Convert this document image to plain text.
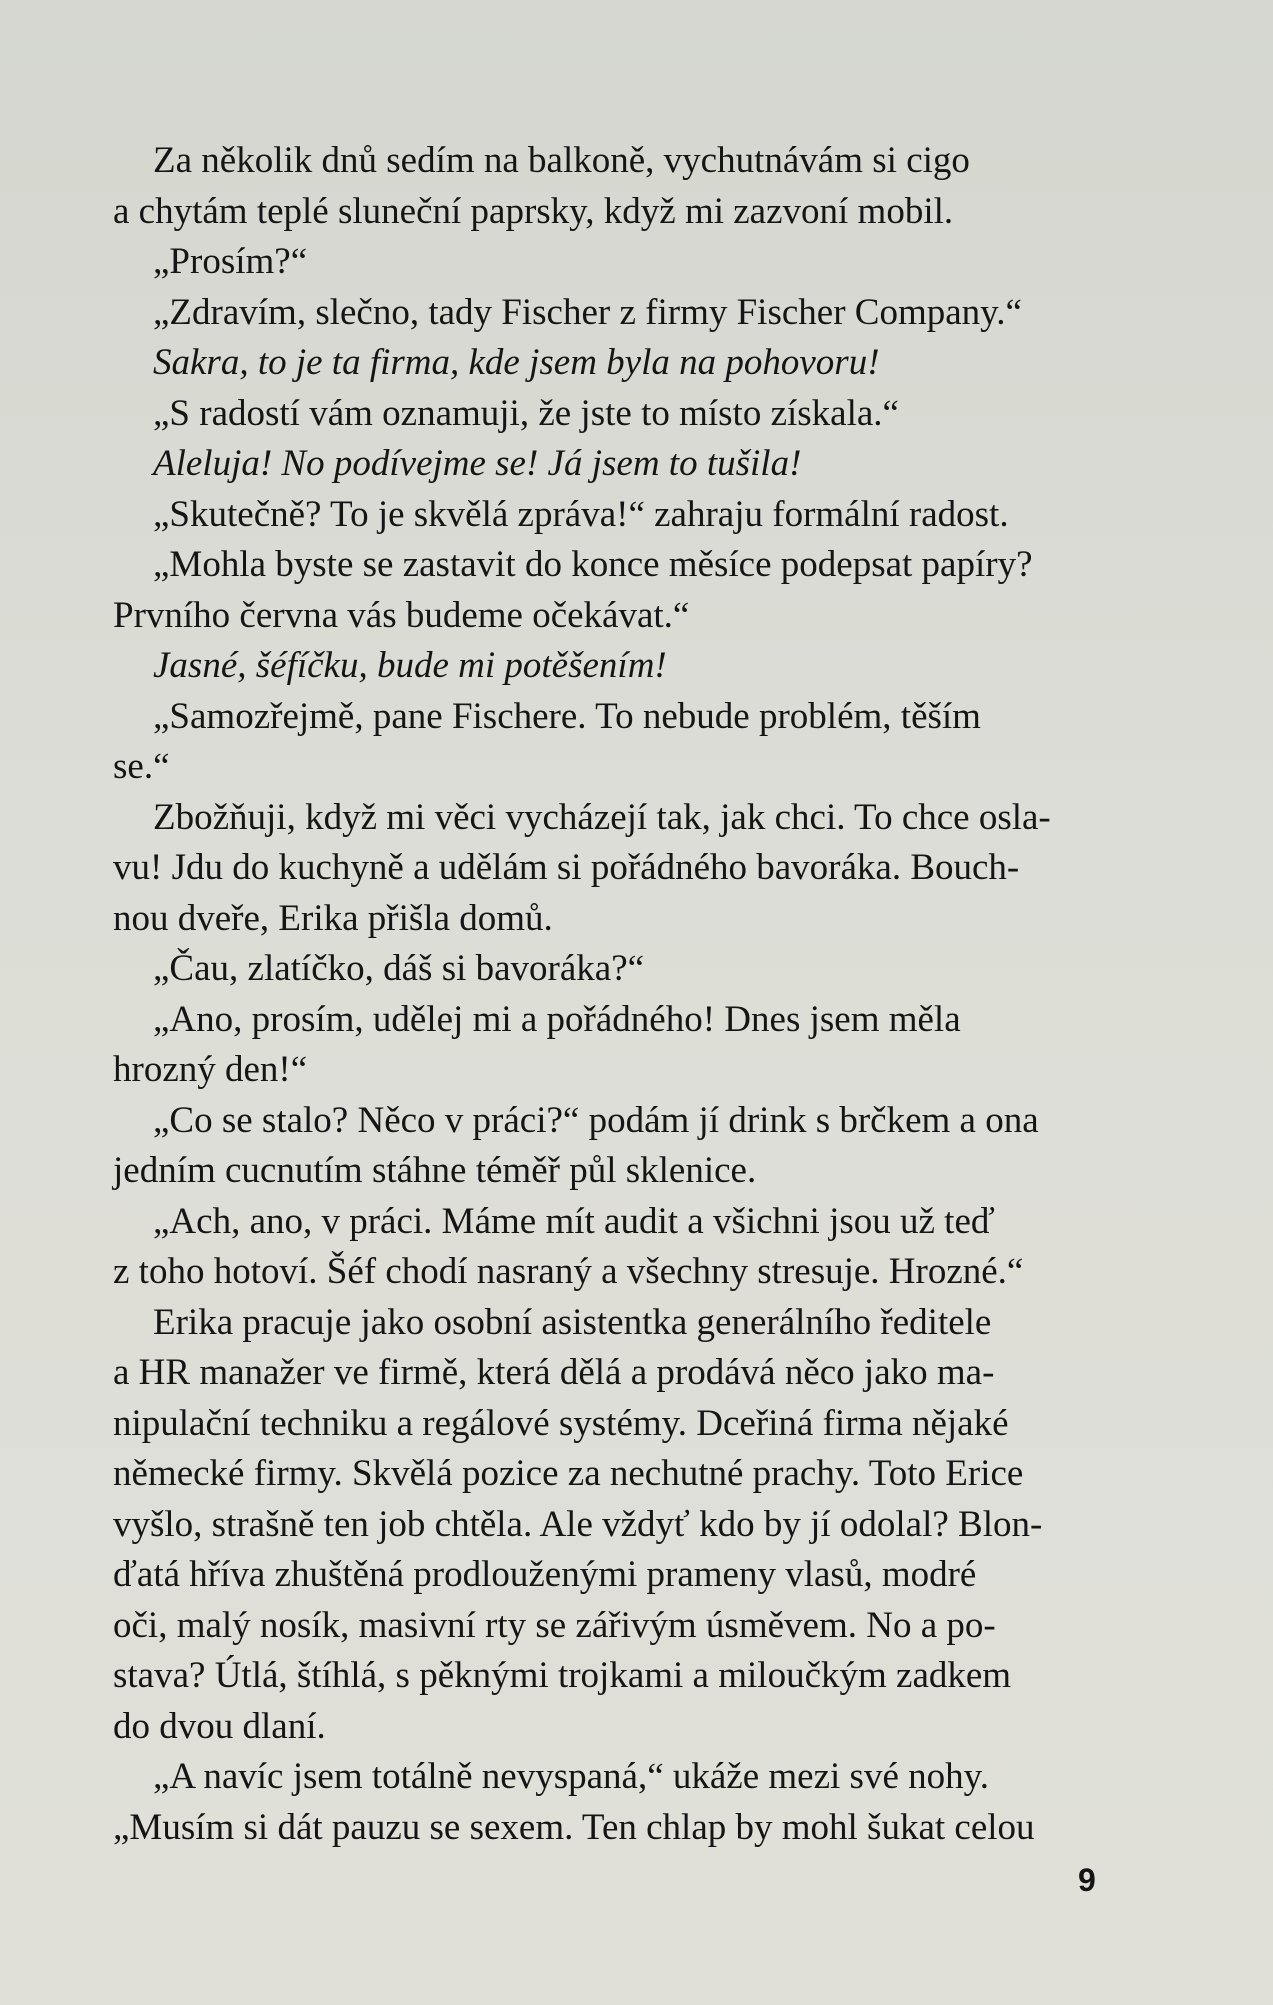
Za několik dnů sedím na balkoně, vychutnávám si cigo
a chytám teplé sluneční paprsky, když mi zazvoní mobil.

„Prosím?“

„Zdravím, slečno, tady Fischer z firmy Fischer Company.“

Sakra, to je ta firma, kde jsem byla na pohovoru!

„S radostí vám oznamuji, že jste to místo získala.“

Aleluja! No podívejme se! Já jsem to tušila!

„Skutečně? To je skvělá zpráva!“ zahraju formální radost.

„Mohla byste se zastavit do konce měsíce podepsat papíry?
Prvního června vás budeme očekávat.“

Jasné, šéfíčku, bude mi potěšením!

„Samozřejmě, pane Fischere. To nebude problém, těším
se.“

Zbožňuji, když mi věci vycházejí tak, jak chci. To chce osla-
vu! Jdu do kuchyně a udělám si pořádného bavoráka. Bouch-
nou dveře, Erika přišla domů.

„Čau, zlatíčko, dáš si bavoráka?“

„Ano, prosím, udělej mi a pořádného! Dnes jsem měla
hrozný den!“

„Co se stalo? Něco v práci?“ podám jí drink s brčkem a ona
jedním cucnutím stáhne téměř půl sklenice.

„Ach, ano, v práci. Máme mít audit a všichni jsou už teď
z toho hotoví. Šéf chodí nasraný a všechny stresuje. Hrozné.“

Erika pracuje jako osobní asistentka generálního ředitele
a HR manažer ve firmě, která dělá a prodává něco jako ma-
nipulační techniku a regálové systémy. Dceřiná firma nějaké
německé firmy. Skvělá pozice za nechutné prachy. Toto Erice
vyšlo, strašně ten job chtěla. Ale vždyť kdo by jí odolal? Blon-
ďatá hříva zhuštěná prodlouženými prameny vlasů, modré
oči, malý nosík, masivní rty se zářivým úsměvem. No a po-
stava? Útlá, štíhlá, s pěknými trojkami a miloučkým zadkem
do dvou dlaní.

„A navíc jsem totálně nevyspaná,“ ukáže mezi své nohy.
„Musím si dát pauzu se sexem. Ten chlap by mohl šukat celou

9
